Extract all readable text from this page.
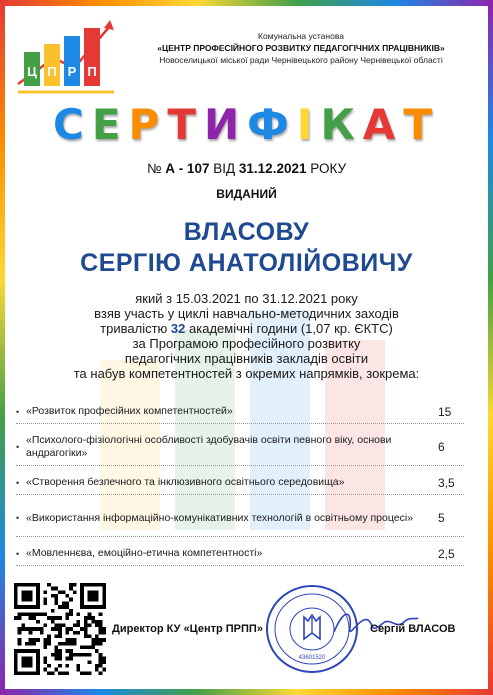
Ц П Р П
Комунальна установа
«ЦЕНТР ПРОФЕСІЙНОГО РОЗВИТКУ ПЕДАГОГІЧНИХ ПРАЦІВНИКІВ»
Новоселицької міської ради Чернівецького району Чернівецької області
СЕРТИФІКАТ
№ А - 107 ВІД 31.12.2021 РОКУ
ВИДАНИЙ
ВЛАСОВУ
СЕРГІЮ АНАТОЛІЙОВИЧУ
який з 15.03.2021 по 31.12.2021 року
взяв участь у циклі навчально-методичних заходів
тривалістю 32 академічні години (1,07 кр. ЄКТС)
за Програмою професійного розвитку
педагогічних працівників закладів освіти
та набув компетентностей з окремих напрямків, зокрема:
• «Розвиток професійних компетентностей»	15
•
«Психолого-фізіологічні особливості здобувачів освіти певного віку, основи андрагогіки»	6
• «Створення безпечного та інклюзивного освітнього середовища»	3,5
• «Використання інформаційно-комунікативних технологій в освітньому процесі» 5
• «Мовленнєва, емоційно-етична компетентності»	2,5
43601520
Директор КУ «Центр ПРПП»	Сергій ВЛАСОВ
